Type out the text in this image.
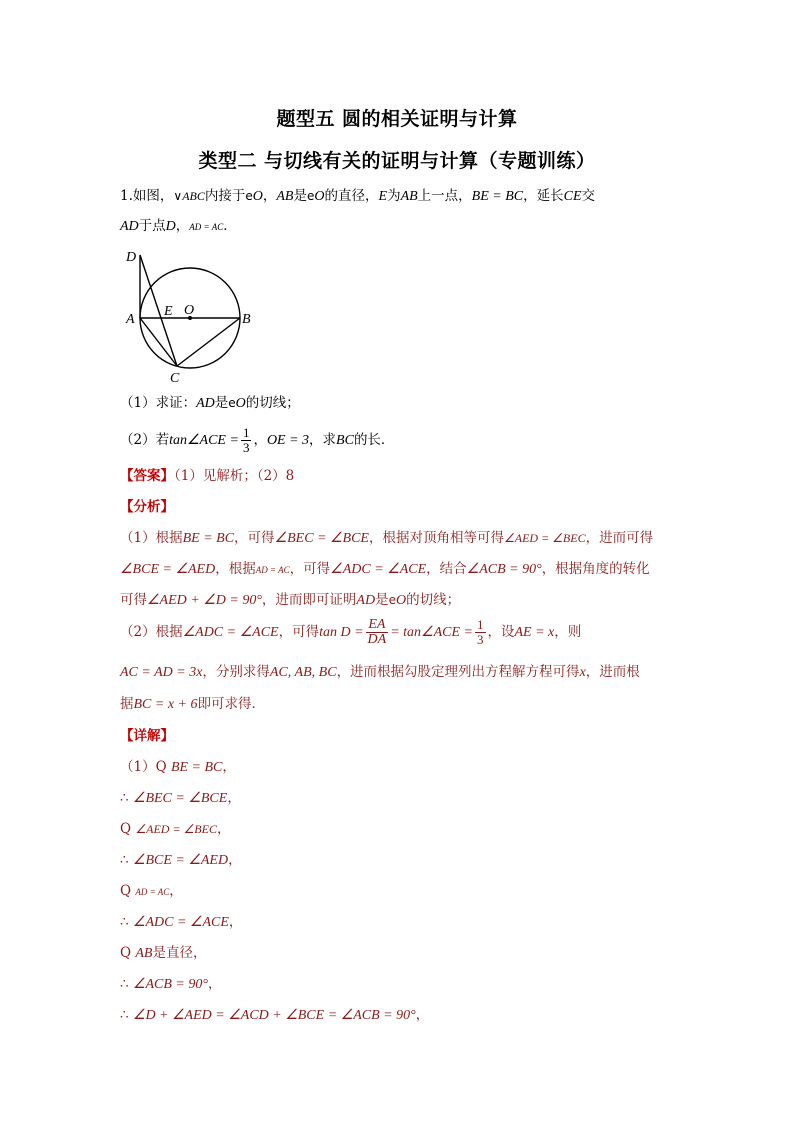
题型五 圆的相关证明与计算
类型二 与切线有关的证明与计算（专题训练）
1.如图，∨ABC内接于eO，AB是eO的直径，E为AB上一点，BE = BC，延长CE交
AD于点D，AD = AC．
D
A
E O
B
C
（1）求证：AD是eO的切线；
（2）若tan∠ACE = $\frac{1}{3}$ ，OE = 3，求BC的长．
【答案】（1）见解析；（2）8
【分析】
（1）根据BE = BC，可得∠BEC = ∠BCE，根据对顶角相等可得∠AED = ∠BEC，进而可得
∠BCE = ∠AED，根据AD = AC，可得∠ADC = ∠ACE，结合∠ACB = 90°，根据角度的转化
可得∠AED + ∠D = 90°，进而即可证明AD是eO的切线；
（2）根据∠ADC = ∠ACE，可得$\tan D = \frac{EA}{DA}$ = tan∠ACE = $\frac{1}{3}$ ，设AE = x，则
AC = AD = 3x，分别求得AC, AB, BC，进而根据勾股定理列出方程解方程可得x，进而根
据BC = x + 6即可求得．
【详解】
（1）Q BE = BC，
∴ ∠BEC = ∠BCE，
Q ∠AED = ∠BEC，
∴ ∠BCE = ∠AED，
Q AD = AC，
∴ ∠ADC = ∠ACE，
Q AB是直径，
∴ ∠ACB = 90°，
∴ ∠D + ∠AED = ∠ACD + ∠BCE = ∠ACB = 90°，
